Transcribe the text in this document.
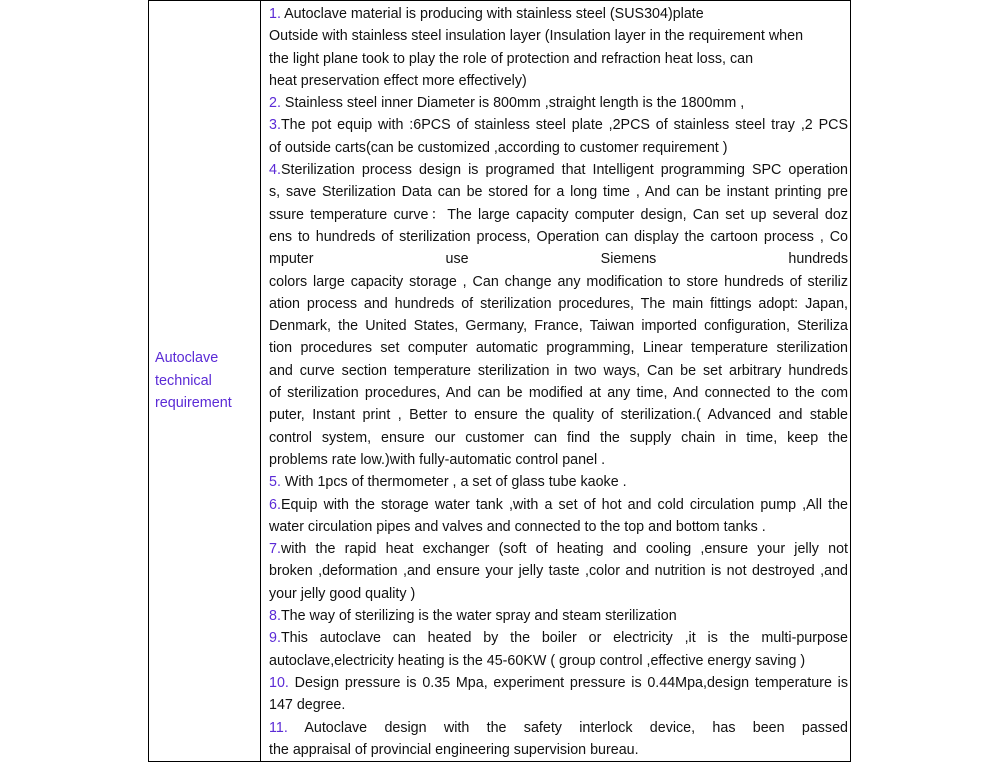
Autoclave
technical
requirement

1. Autoclave material is producing with stainless steel (SUS304)plate
Outside with stainless steel insulation layer (Insulation layer in the requirement when
the light plane took to play the role of protection and refraction heat loss, can
heat preservation effect more effectively)
2. Stainless steel inner Diameter is 800mm ,straight length is the 1800mm ,
3.The pot equip with :6PCS of stainless steel plate ,2PCS of stainless steel tray ,2 PCS
of outside carts(can be customized ,according to customer requirement )
4.Sterilization process design is programed that Intelligent programming SPC operation
s, save Sterilization Data can be stored for a long time , And can be instant printing pre
ssure temperature curve：The large capacity computer design, Can set up several doz
ens to hundreds of sterilization process, Operation can display the cartoon process , Co
mputer use Siemens hundreds
colors large capacity storage , Can change any modification to store hundreds of steriliz
ation process and hundreds of sterilization procedures, The main fittings adopt: Japan,
Denmark, the United States, Germany, France, Taiwan imported configuration, Steriliza
tion procedures set computer automatic programming, Linear temperature sterilization
and curve section temperature sterilization in two ways, Can be set arbitrary hundreds
of sterilization procedures, And can be modified at any time, And connected to the com
puter, Instant print , Better to ensure the quality of sterilization.( Advanced and stable
control system, ensure our customer can find the supply chain in time, keep the
problems rate low.)with fully-automatic control panel .
5. With 1pcs of thermometer , a set of glass tube kaoke .
6.Equip with the storage water tank ,with a set of hot and cold circulation pump ,All the
water circulation pipes and valves and connected to the top and bottom tanks .
7.with the rapid heat exchanger (soft of heating and cooling ,ensure your jelly not
broken ,deformation ,and ensure your jelly taste ,color and nutrition is not destroyed ,and
your jelly good quality )
8.The way of sterilizing is the water spray and steam sterilization
9.This autoclave can heated by the boiler or electricity ,it is the multi-purpose
autoclave,electricity heating is the 45-60KW ( group control ,effective energy saving )
10. Design pressure is 0.35 Mpa, experiment pressure is 0.44Mpa,design temperature is
147 degree.
11. Autoclave design with the safety interlock device, has been passed
the appraisal of provincial engineering supervision bureau.
